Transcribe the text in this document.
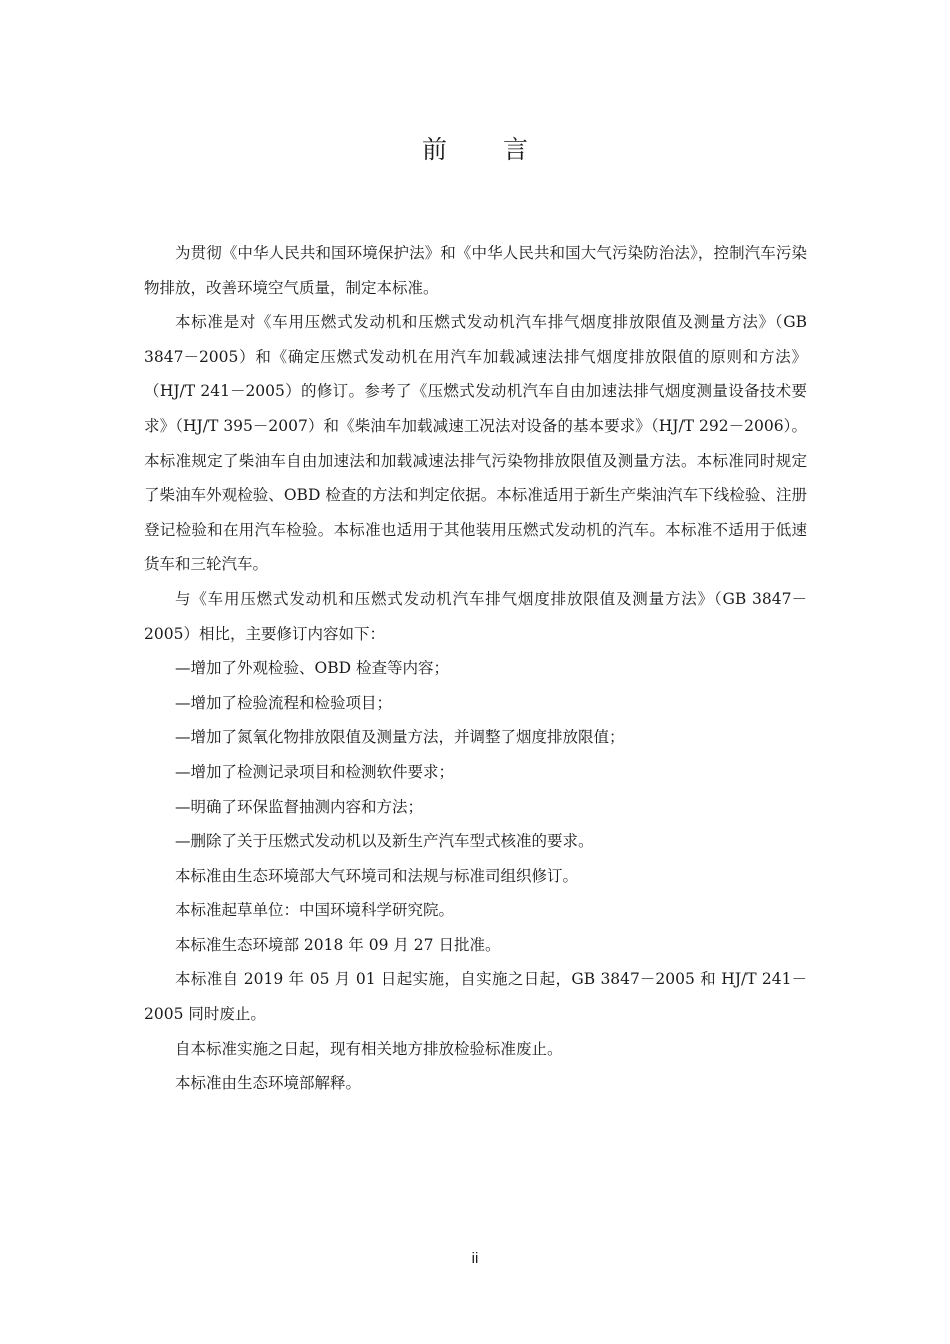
前 言

为贯彻《中华人民共和国环境保护法》和《中华人民共和国大气污染防治法》，控制汽车污染物排放，改善环境空气质量，制定本标准。

本标准是对《车用压燃式发动机和压燃式发动机汽车排气烟度排放限值及测量方法》（GB 3847－2005）和《确定压燃式发动机在用汽车加载减速法排气烟度排放限值的原则和方法》（HJ/T 241－2005）的修订。参考了《压燃式发动机汽车自由加速法排气烟度测量设备技术要求》（HJ/T 395－2007）和《柴油车加载减速工况法对设备的基本要求》（HJ/T 292－2006）。本标准规定了柴油车自由加速法和加载减速法排气污染物排放限值及测量方法。本标准同时规定了柴油车外观检验、OBD 检查的方法和判定依据。本标准适用于新生产柴油汽车下线检验、注册登记检验和在用汽车检验。本标准也适用于其他装用压燃式发动机的汽车。本标准不适用于低速货车和三轮汽车。

与《车用压燃式发动机和压燃式发动机汽车排气烟度排放限值及测量方法》（GB 3847－2005）相比，主要修订内容如下：

—增加了外观检验、OBD 检查等内容；

—增加了检验流程和检验项目；

—增加了氮氧化物排放限值及测量方法，并调整了烟度排放限值；

—增加了检测记录项目和检测软件要求；

—明确了环保监督抽测内容和方法；

—删除了关于压燃式发动机以及新生产汽车型式核准的要求。

本标准由生态环境部大气环境司和法规与标准司组织修订。

本标准起草单位：中国环境科学研究院。

本标准生态环境部 2018 年 09 月 27 日批准。

本标准自 2019 年 05 月 01 日起实施，自实施之日起，GB 3847－2005 和 HJ/T 241－2005 同时废止。

自本标准实施之日起，现有相关地方排放检验标准废止。

本标准由生态环境部解释。

ii
